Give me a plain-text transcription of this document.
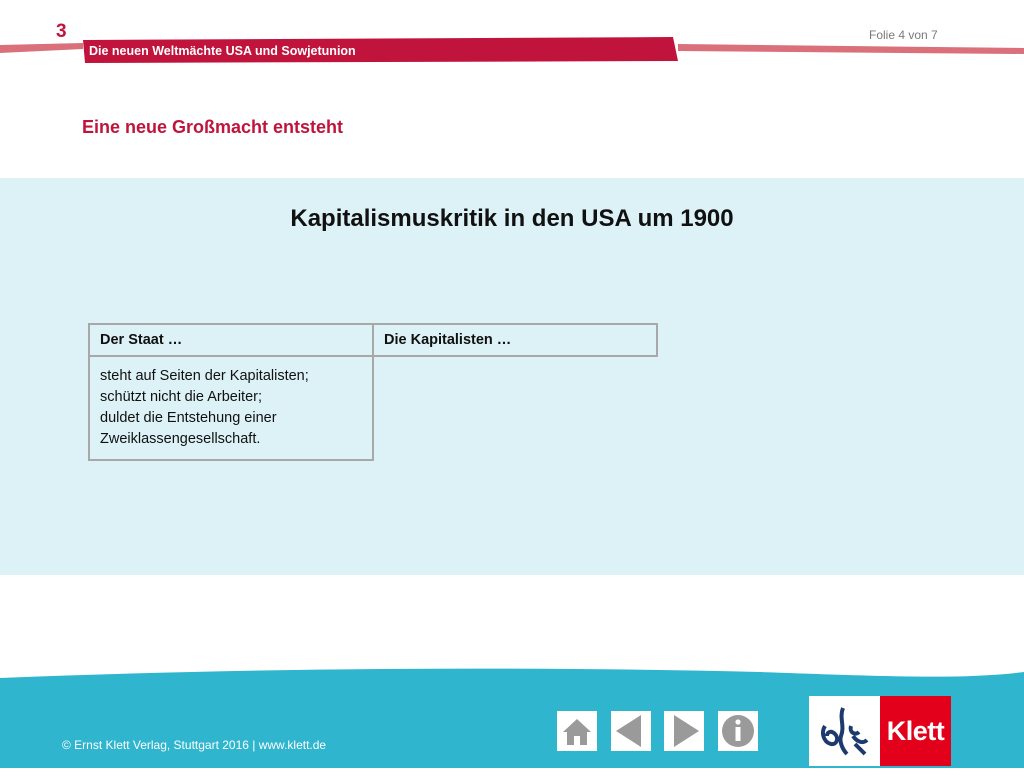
3
Die neuen Weltmächte USA und Sowjetunion
Folie 4 von 7
Eine neue Großmacht entsteht
Kapitalismuskritik in den USA um 1900
Der Staat …	Die Kapitalisten …

steht auf Seiten der Kapitalisten;
schützt nicht die Arbeiter;
duldet die Entstehung einer
Zweiklassengesellschaft.	

© Ernst Klett Verlag, Stuttgart 2016 | www.klett.de	Klett
